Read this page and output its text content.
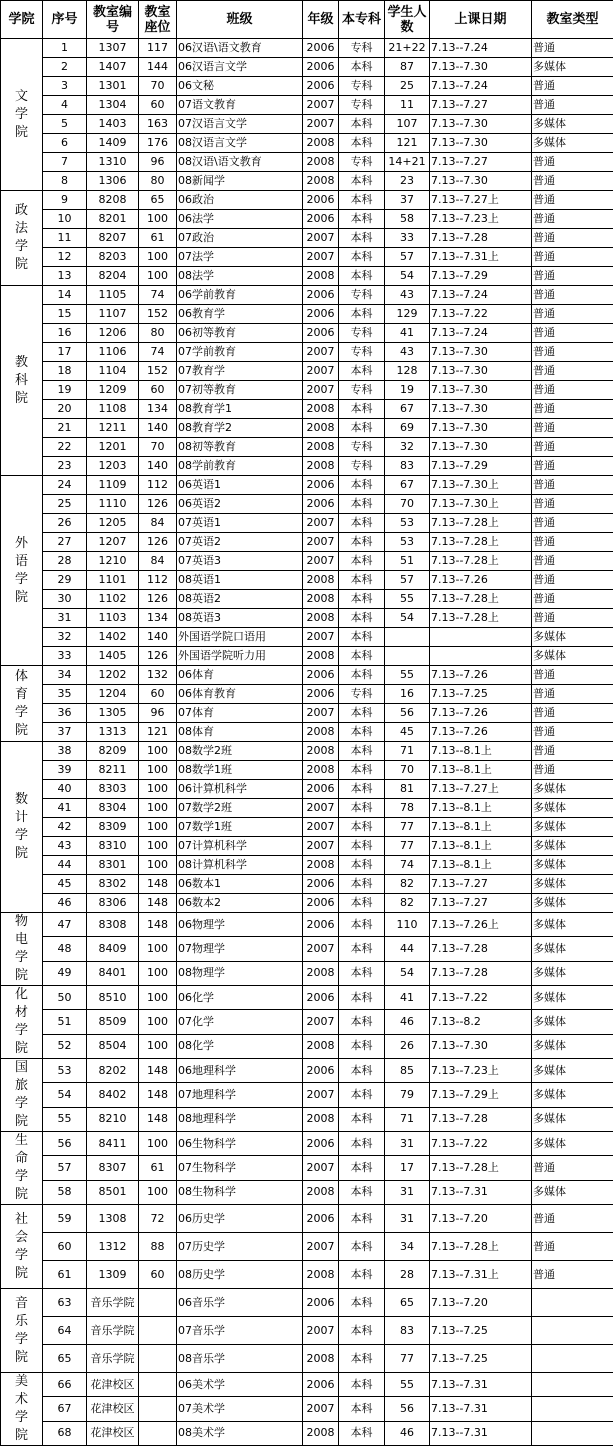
学院	序号	教室编号	教室座位	班级	年级	本专科	学生人数	上课日期	教室类型
文学院	1	1307	117	06汉语\语文教育	2006	专科	21+22	7.13--7.24	普通
	2	1407	144	06汉语言文学	2006	本科	87	7.13--7.30	多媒体
	3	1301	70	06文秘	2006	专科	25	7.13--7.24	普通
	4	1304	60	07语文教育	2007	专科	11	7.13--7.27	普通
	5	1403	163	07汉语言文学	2007	本科	107	7.13--7.30	多媒体
	6	1409	176	08汉语言文学	2008	本科	121	7.13--7.30	多媒体
	7	1310	96	08汉语\语文教育	2008	专科	14+21	7.13--7.27	普通
	8	1306	80	08新闻学	2008	本科	23	7.13--7.30	普通
政法学院	9	8208	65	06政治	2006	本科	37	7.13--7.27上	普通
	10	8201	100	06法学	2006	本科	58	7.13--7.23上	普通
	11	8207	61	07政治	2007	本科	33	7.13--7.28	普通
	12	8203	100	07法学	2007	本科	57	7.13--7.31上	普通
	13	8204	100	08法学	2008	本科	54	7.13--7.29	普通
教科院	14	1105	74	06学前教育	2006	专科	43	7.13--7.24	普通
	15	1107	152	06教育学	2006	本科	129	7.13--7.22	普通
	16	1206	80	06初等教育	2006	专科	41	7.13--7.24	普通
	17	1106	74	07学前教育	2007	专科	43	7.13--7.30	普通
	18	1104	152	07教育学	2007	本科	128	7.13--7.30	普通
	19	1209	60	07初等教育	2007	专科	19	7.13--7.30	普通
	20	1108	134	08教育学1	2008	本科	67	7.13--7.30	普通
	21	1211	140	08教育学2	2008	本科	69	7.13--7.30	普通
	22	1201	70	08初等教育	2008	专科	32	7.13--7.30	普通
	23	1203	140	08学前教育	2008	专科	83	7.13--7.29	普通
外语学院	24	1109	112	06英语1	2006	本科	67	7.13--7.30上	普通
	25	1110	126	06英语2	2006	本科	70	7.13--7.30上	普通
	26	1205	84	07英语1	2007	本科	53	7.13--7.28上	普通
	27	1207	126	07英语2	2007	本科	53	7.13--7.28上	普通
	28	1210	84	07英语3	2007	本科	51	7.13--7.28上	普通
	29	1101	112	08英语1	2008	本科	57	7.13--7.26	普通
	30	1102	126	08英语2	2008	本科	55	7.13--7.28上	普通
	31	1103	134	08英语3	2008	本科	54	7.13--7.28上	普通
	32	1402	140	外国语学院口语用	2007	本科			多媒体
	33	1405	126	外国语学院听力用	2008	本科			多媒体
体育学院	34	1202	132	06体育	2006	本科	55	7.13--7.26	普通
	35	1204	60	06体育教育	2006	专科	16	7.13--7.25	普通
	36	1305	96	07体育	2007	本科	56	7.13--7.26	普通
	37	1313	121	08体育	2008	本科	45	7.13--7.26	普通
数计学院	38	8209	100	08数学2班	2008	本科	71	7.13--8.1上	普通
	39	8211	100	08数学1班	2008	本科	70	7.13--8.1上	普通
	40	8303	100	06计算机科学	2006	本科	81	7.13--7.27上	多媒体
	41	8304	100	07数学2班	2007	本科	78	7.13--8.1上	多媒体
	42	8309	100	07数学1班	2007	本科	77	7.13--8.1上	多媒体
	43	8310	100	07计算机科学	2007	本科	77	7.13--8.1上	多媒体
	44	8301	100	08计算机科学	2008	本科	74	7.13--8.1上	多媒体
	45	8302	148	06数本1	2006	本科	82	7.13--7.27	多媒体
	46	8306	148	06数本2	2006	本科	82	7.13--7.27	多媒体
物电学院	47	8308	148	06物理学	2006	本科	110	7.13--7.26上	多媒体
	48	8409	100	07物理学	2007	本科	44	7.13--7.28	多媒体
	49	8401	100	08物理学	2008	本科	54	7.13--7.28	多媒体
化材学院	50	8510	100	06化学	2006	本科	41	7.13--7.22	多媒体
	51	8509	100	07化学	2007	本科	46	7.13--8.2	多媒体
	52	8504	100	08化学	2008	本科	26	7.13--7.30	多媒体
国旅学院	53	8202	148	06地理科学	2006	本科	85	7.13--7.23上	多媒体
	54	8402	148	07地理科学	2007	本科	79	7.13--7.29上	多媒体
	55	8210	148	08地理科学	2008	本科	71	7.13--7.28	多媒体
生命学院	56	8411	100	06生物科学	2006	本科	31	7.13--7.22	多媒体
	57	8307	61	07生物科学	2007	本科	17	7.13--7.28上	普通
	58	8501	100	08生物科学	2008	本科	31	7.13--7.31	多媒体
社会学院	59	1308	72	06历史学	2006	本科	31	7.13--7.20	普通
	60	1312	88	07历史学	2007	本科	34	7.13--7.28上	普通
	61	1309	60	08历史学	2008	本科	28	7.13--7.31上	普通
音乐学院	63	音乐学院		06音乐学	2006	本科	65	7.13--7.20	
	64	音乐学院		07音乐学	2007	本科	83	7.13--7.25	
	65	音乐学院		08音乐学	2008	本科	77	7.13--7.25	
美术学院	66	花津校区		06美术学	2006	本科	55	7.13--7.31	
	67	花津校区		07美术学	2007	本科	56	7.13--7.31	
	68	花津校区		08美术学	2008	本科	46	7.13--7.31	
